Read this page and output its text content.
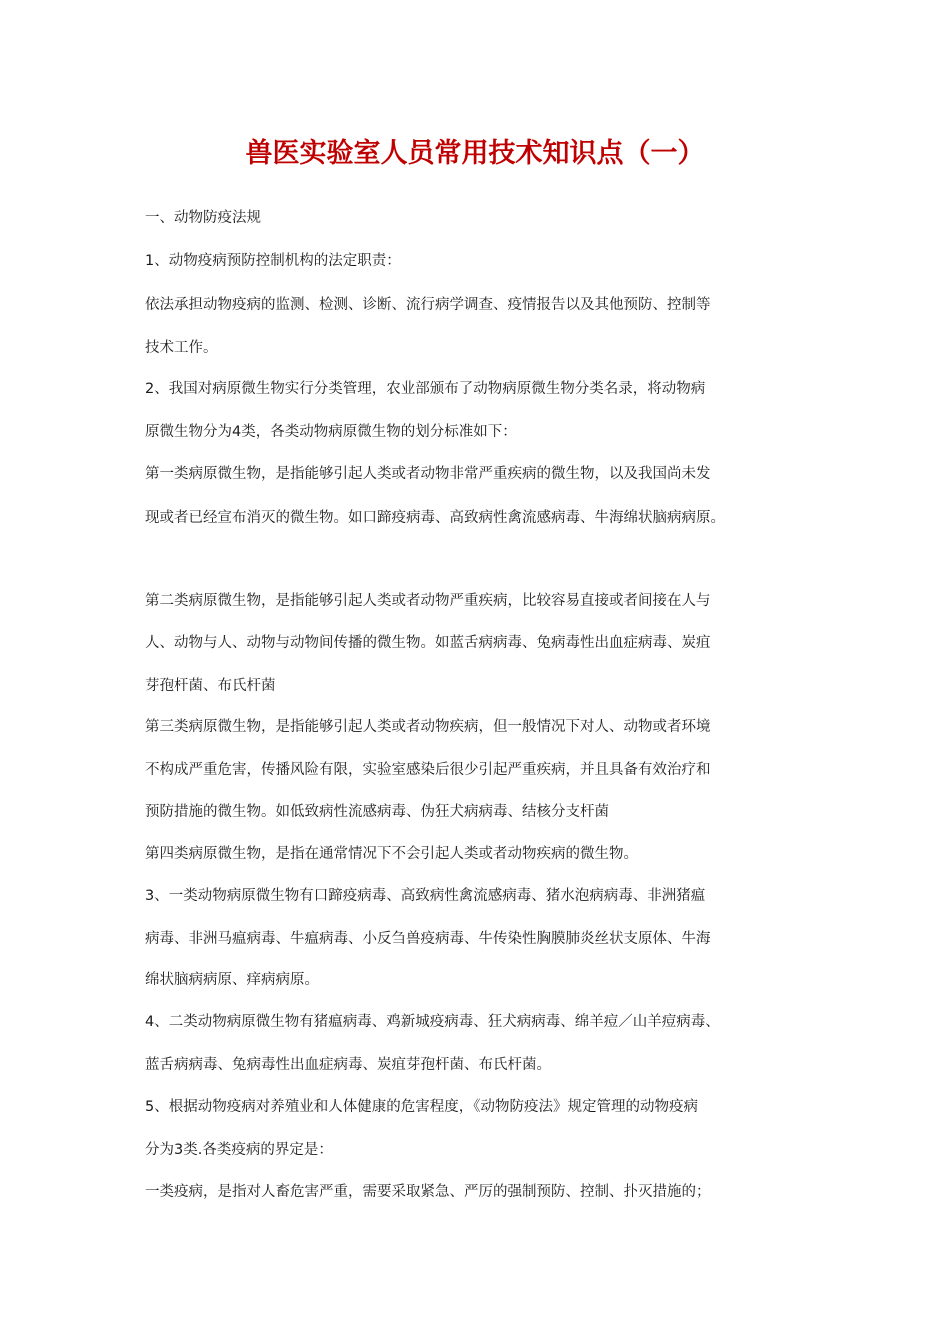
兽医实验室人员常用技术知识点（一）

一、动物防疫法规

1、动物疫病预防控制机构的法定职责：

依法承担动物疫病的监测、检测、诊断、流行病学调查、疫情报告以及其他预防、控制等

技术工作。

2、我国对病原微生物实行分类管理，农业部颁布了动物病原微生物分类名录，将动物病

原微生物分为4类，各类动物病原微生物的划分标准如下：

第一类病原微生物，是指能够引起人类或者动物非常严重疾病的微生物，以及我国尚未发

现或者已经宣布消灭的微生物。如口蹄疫病毒、高致病性禽流感病毒、牛海绵状脑病病原。

第二类病原微生物，是指能够引起人类或者动物严重疾病，比较容易直接或者间接在人与

人、动物与人、动物与动物间传播的微生物。如蓝舌病病毒、兔病毒性出血症病毒、炭疽

芽孢杆菌、布氏杆菌

第三类病原微生物，是指能够引起人类或者动物疾病，但一般情况下对人、动物或者环境

不构成严重危害，传播风险有限，实验室感染后很少引起严重疾病，并且具备有效治疗和

预防措施的微生物。如低致病性流感病毒、伪狂犬病病毒、结核分支杆菌

第四类病原微生物，是指在通常情况下不会引起人类或者动物疾病的微生物。

3、一类动物病原微生物有口蹄疫病毒、高致病性禽流感病毒、猪水泡病病毒、非洲猪瘟

病毒、非洲马瘟病毒、牛瘟病毒、小反刍兽疫病毒、牛传染性胸膜肺炎丝状支原体、牛海

绵状脑病病原、痒病病原。

4、二类动物病原微生物有猪瘟病毒、鸡新城疫病毒、狂犬病病毒、绵羊痘／山羊痘病毒、

蓝舌病病毒、兔病毒性出血症病毒、炭疽芽孢杆菌、布氏杆菌。

5、根据动物疫病对养殖业和人体健康的危害程度，《动物防疫法》规定管理的动物疫病

分为3类.各类疫病的界定是：

一类疫病，是指对人畜危害严重，需要采取紧急、严厉的强制预防、控制、扑灭措施的；
